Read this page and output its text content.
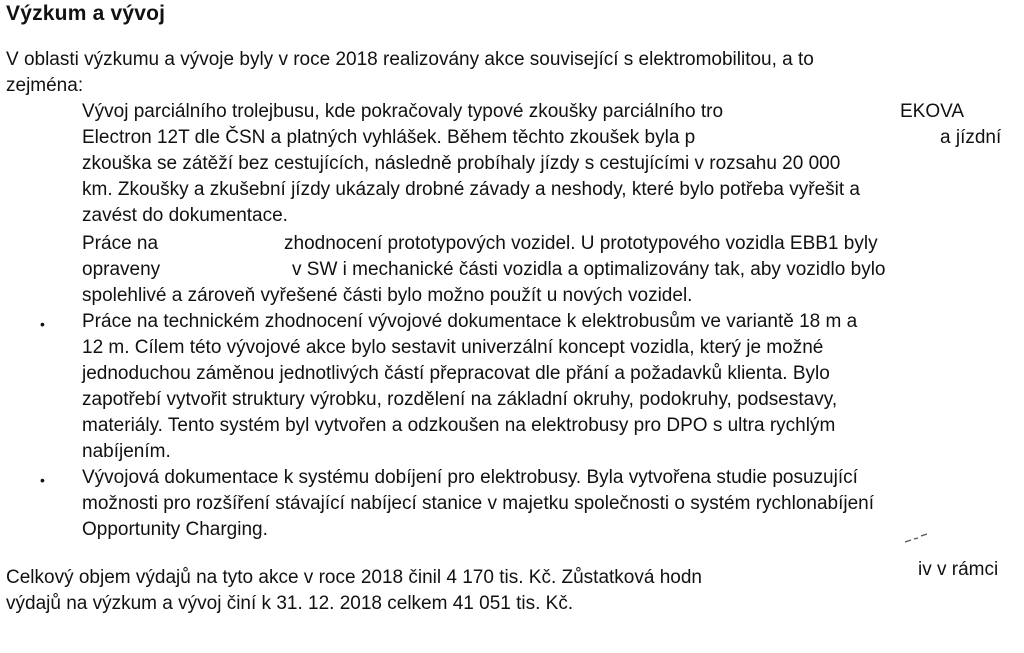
Výzkum a vývoj
V oblasti výzkumu a vývoje byly v roce 2018 realizovány akce související s elektromobilitou, a to
zejména:
Vývoj parciálního trolejbusu, kde pokračovaly typové zkoušky parciálního tro	EKOVA
Electron 12T dle ČSN a platných vyhlášek. Během těchto zkoušek byla p	a jízdní
zkouška se zátěží bez cestujících, následně probíhaly jízdy s cestujícími v rozsahu 20 000
km. Zkoušky a zkušební jízdy ukázaly drobné závady a neshody, které bylo potřeba vyřešit a
zavést do dokumentace.
Práce na	zhodnocení prototypových vozidel. U prototypového vozidla EBB1 byly
opraveny	v SW i mechanické části vozidla a optimalizovány tak, aby vozidlo bylo
spolehlivé a zároveň vyřešené části bylo možno použít u nových vozidel.
• Práce na technickém zhodnocení vývojové dokumentace k elektrobusům ve variantě 18 m a
12 m. Cílem této vývojové akce bylo sestavit univerzální koncept vozidla, který je možné
jednoduchou záměnou jednotlivých částí přepracovat dle přání a požadavků klienta. Bylo
zapotřebí vytvořit struktury výrobku, rozdělení na základní okruhy, podokruhy, podsestavy,
materiály. Tento systém byl vytvořen a odzkoušen na elektrobusy pro DPO s ultra rychlým
nabíjením.
• Vývojová dokumentace k systému dobíjení pro elektrobusy. Byla vytvořena studie posuzující
možnosti pro rozšíření stávající nabíjecí stanice v majetku společnosti o systém rychlonabíjení
Opportunity Charging.
Celkový objem výdajů na tyto akce v roce 2018 činil 4 170 tis. Kč. Zůstatková hodn	iv v rámci
výdajů na výzkum a vývoj činí k 31. 12. 2018 celkem 41 051 tis. Kč.
